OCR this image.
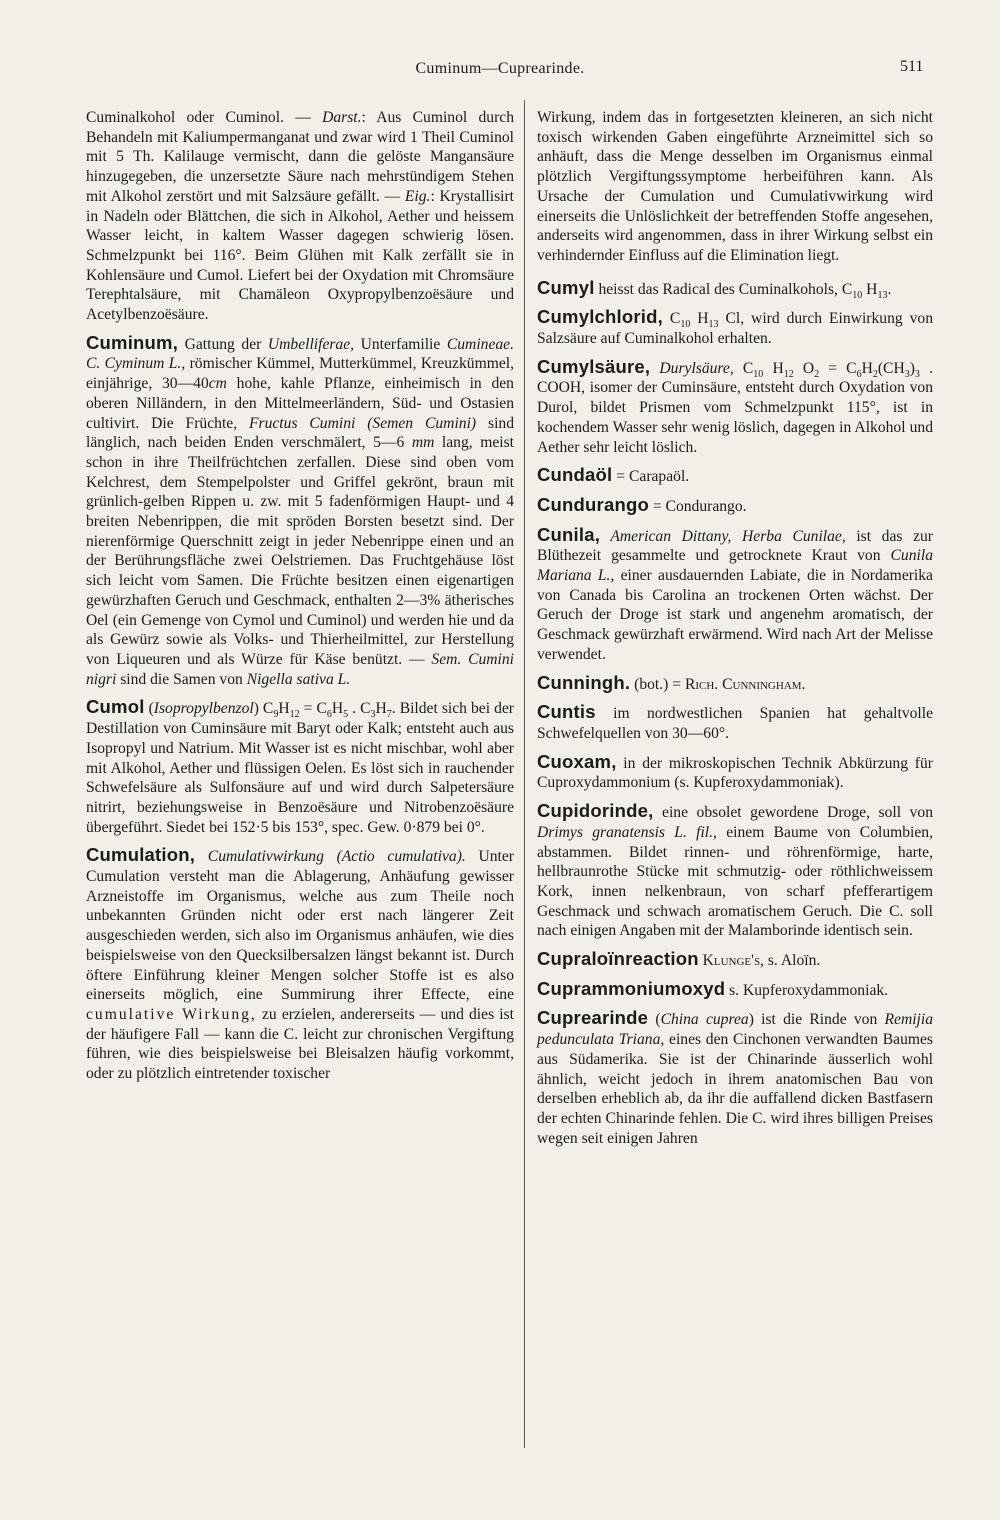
Cuminum—Cuprearinde.	511

Cuminalkohol oder Cuminol. — Darst.: Aus Cuminol durch Behandeln mit Kaliumpermanganat und zwar wird 1 Theil Cuminol mit 5 Th. Kalilauge vermischt, dann die gelöste Mangansäure hinzugegeben, die unzersetzte Säure nach mehrstündigem Stehen mit Alkohol zerstört und mit Salzsäure gefällt. — Eig.: Krystallisirt in Nadeln oder Blättchen, die sich in Alkohol, Aether und heissem Wasser leicht, in kaltem Wasser dagegen schwierig lösen. Schmelzpunkt bei 116°. Beim Glühen mit Kalk zerfällt sie in Kohlensäure und Cumol. Liefert bei der Oxydation mit Chromsäure Terephtalsäure, mit Chamäleon Oxypropylbenzoësäure und Acetylbenzoësäure.

Cuminum, Gattung der Umbelliferae, Unterfamilie Cumineae. C. Cyminum L., römischer Kümmel, Mutterkümmel, Kreuzkümmel, einjährige, 30—40cm hohe, kahle Pflanze, einheimisch in den oberen Nilländern, in den Mittelmeerländern, Süd- und Ostasien cultivirt. Die Früchte, Fructus Cumini (Semen Cumini) sind länglich, nach beiden Enden verschmälert, 5—6 mm lang, meist schon in ihre Theilfrüchtchen zerfallen. Diese sind oben vom Kelchrest, dem Stempelpolster und Griffel gekrönt, braun mit grünlich-gelben Rippen u. zw. mit 5 fadenförmigen Haupt- und 4 breiten Nebenrippen, die mit spröden Borsten besetzt sind. Der nierenförmige Querschnitt zeigt in jeder Nebenrippe einen und an der Berührungsfläche zwei Oelstriemen. Das Fruchtgehäuse löst sich leicht vom Samen. Die Früchte besitzen einen eigenartigen gewürzhaften Geruch und Geschmack, enthalten 2—3% ätherisches Oel (ein Gemenge von Cymol und Cuminol) und werden hie und da als Gewürz sowie als Volks- und Thierheilmittel, zur Herstellung von Liqueuren und als Würze für Käse benützt. — Sem. Cumini nigri sind die Samen von Nigella sativa L.

Cumol (Isopropylbenzol) $C_9H_{12} = C_6H_5$ . $C_3H_7$. Bildet sich bei der Destillation von Cuminsäure mit Baryt oder Kalk; entsteht auch aus Isopropyl und Natrium. Mit Wasser ist es nicht mischbar, wohl aber mit Alkohol, Aether und flüssigen Oelen. Es löst sich in rauchender Schwefelsäure als Sulfonsäure auf und wird durch Salpetersäure nitrirt, beziehungsweise in Benzoësäure und Nitrobenzoësäure übergeführt. Siedet bei 152·5 bis 153°, spec. Gew. 0·879 bei 0°.

Cumulation, Cumulativwirkung (Actio cumulativa). Unter Cumulation versteht man die Ablagerung, Anhäufung gewisser Arzneistoffe im Organismus, welche aus zum Theile noch unbekannten Gründen nicht oder erst nach längerer Zeit ausgeschieden werden, sich also im Organismus anhäufen, wie dies beispielsweise von den Quecksilbersalzen längst bekannt ist. Durch öftere Einführung kleiner Mengen solcher Stoffe ist es also einerseits möglich, eine Summirung ihrer Effecte, eine cumulative Wirkung, zu erzielen, andererseits — und dies ist der häufigere Fall — kann die C. leicht zur chronischen Vergiftung führen, wie dies beispielsweise bei Bleisalzen häufig vorkommt, oder zu plötzlich eintretender toxischer

Wirkung, indem das in fortgesetzten kleineren, an sich nicht toxisch wirkenden Gaben eingeführte Arzneimittel sich so anhäuft, dass die Menge desselben im Organismus einmal plötzlich Vergiftungssymptome herbeiführen kann. Als Ursache der Cumulation und Cumulativwirkung wird einerseits die Unlöslichkeit der betreffenden Stoffe angesehen, anderseits wird angenommen, dass in ihrer Wirkung selbst ein verhindernder Einfluss auf die Elimination liegt.

Cumyl heisst das Radical des Cuminalkohols, $C_{10}$ $H_{13}$.

Cumylchlorid, $C_{10}$ $H_{13}$ Cl, wird durch Einwirkung von Salzsäure auf Cuminalkohol erhalten.

Cumylsäure, Durylsäure, $C_{10}$ $H_{12}$ $O_2 = C_6H_2(CH_3)_3$ . COOH, isomer der Cuminsäure, entsteht durch Oxydation von Durol, bildet Prismen vom Schmelzpunkt 115°, ist in kochendem Wasser sehr wenig löslich, dagegen in Alkohol und Aether sehr leicht löslich.

Cundaöl = Carapaöl.

Cundurango = Condurango.

Cunila, American Dittany, Herba Cunilae, ist das zur Blüthezeit gesammelte und getrocknete Kraut von Cunila Mariana L., einer ausdauernden Labiate, die in Nordamerika von Canada bis Carolina an trockenen Orten wächst. Der Geruch der Droge ist stark und angenehm aromatisch, der Geschmack gewürzhaft erwärmend. Wird nach Art der Melisse verwendet.

Cunningh. (bot.) = Rich. Cunningham.

Cuntis im nordwestlichen Spanien hat gehaltvolle Schwefelquellen von 30—60°.

Cuoxam, in der mikroskopischen Technik Abkürzung für Cuproxydammonium (s. Kupferoxydammoniak).

Cupidorinde, eine obsolet gewordene Droge, soll von Drimys granatensis L. fil., einem Baume von Columbien, abstammen. Bildet rinnen- und röhrenförmige, harte, hellbraunrothe Stücke mit schmutzig- oder röthlichweissem Kork, innen nelkenbraun, von scharf pfefferartigem Geschmack und schwach aromatischem Geruch. Die C. soll nach einigen Angaben mit der Malamborinde identisch sein.

Cupraloïnreaction Klunge's, s. Aloïn.

Cuprammoniumoxyd s. Kupferoxydammoniak.

Cuprearinde (China cuprea) ist die Rinde von Remijia pedunculata Triana, eines den Cinchonen verwandten Baumes aus Südamerika. Sie ist der Chinarinde äusserlich wohl ähnlich, weicht jedoch in ihrem anatomischen Bau von derselben erheblich ab, da ihr die auffallend dicken Bastfasern der echten Chinarinde fehlen. Die C. wird ihres billigen Preises wegen seit einigen Jahren
